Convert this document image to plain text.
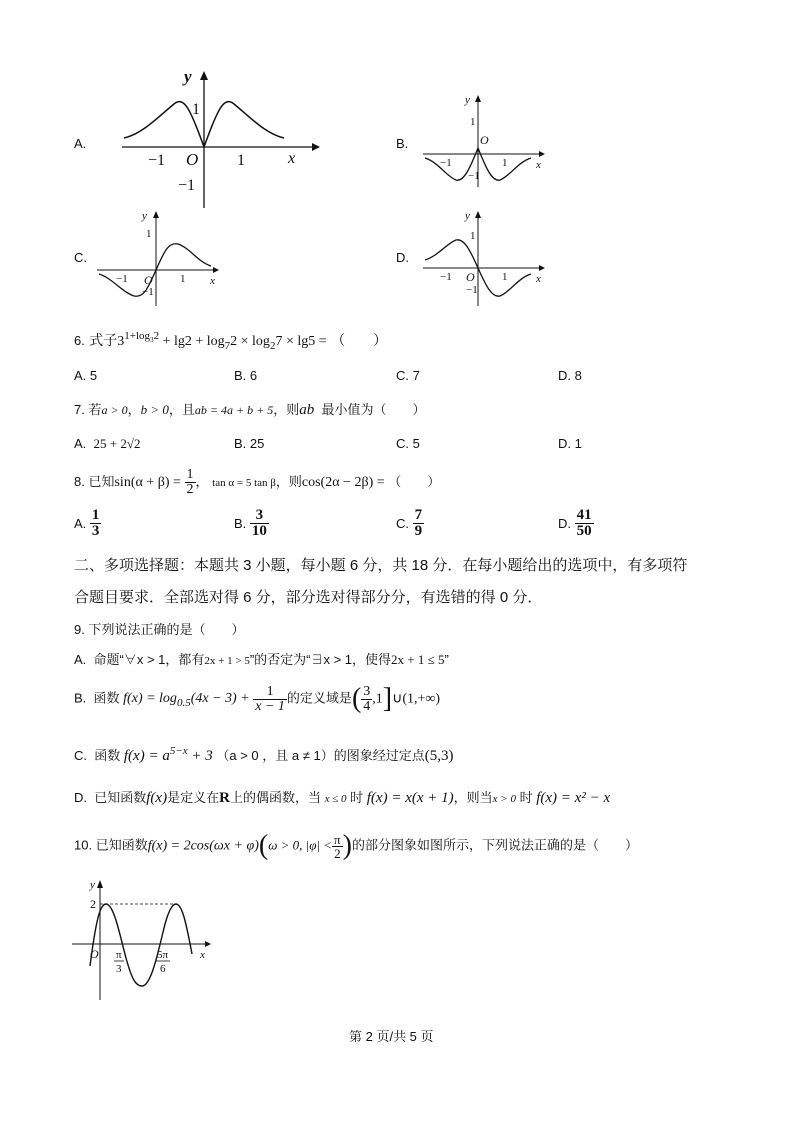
A.
y
x
O
−1	1
1
−1
B.
y
x
O
−1	1
1
−1
C.
y
x
O
−1	1
1
−1
D.
y
x
O
−1	1
1
−1
6. 式子$3^{1+log_32} + \lg 2 + \log_72 \times \log_27 \times \lg 5$ = （　　）
A. 5	B. 6	C. 7	D. 8
7. 若a > 0，b > 0，且ab = 4a + b + 5，则ab 最小值为（　　）
A. 25 + 2√2	B. 25	C. 5	D. 1
8. 已知$\sin(\alpha + \beta) = \frac{1}{2}$ ， tan α = 5 tan β，则cos(2α − 2β) = （　　）
A. $\frac{1}{3}$	B. $\frac{3}{10}$	C. $\frac{7}{9}$	D. $\frac{41}{50}$
二、多项选择题：本题共 3 小题，每小题 6 分，共 18 分．在每小题给出的选项中，有多项符
合题目要求．全部选对得 6 分，部分选对得部分分，有选错的得 0 分．
9. 下列说法正确的是（　　）
A. 命题“∀x > 1，都有2x + 1 > 5”的否定为“∃x > 1，使得2x + 1 ≤ 5”
B. 函数 $f(x) = \log_{0.5}(4x - 3) + \frac{1}{x - 1}$ 的定义域是( $\frac{3}{4}$ ,1]∪(1,+∞)
C. 函数 $f(x) = a^{5-x} + 3$ （a > 0 ，且 a ≠ 1）的图象经过定点(5,3)
D. 已知函数f(x)是定义在R上的偶函数，当 x ≤ 0 时 f(x) = x(x + 1)，则当x > 0 时 f(x) = x² − x
10. 已知函数f(x) = 2cos(ωx + φ)(ω > 0, $|\varphi| < \frac{\pi}{2}$ )的部分图象如图所示，下列说法正确的是（　　）
y
x
O
2
π
3
5π
6
第 2 页/共 5 页
